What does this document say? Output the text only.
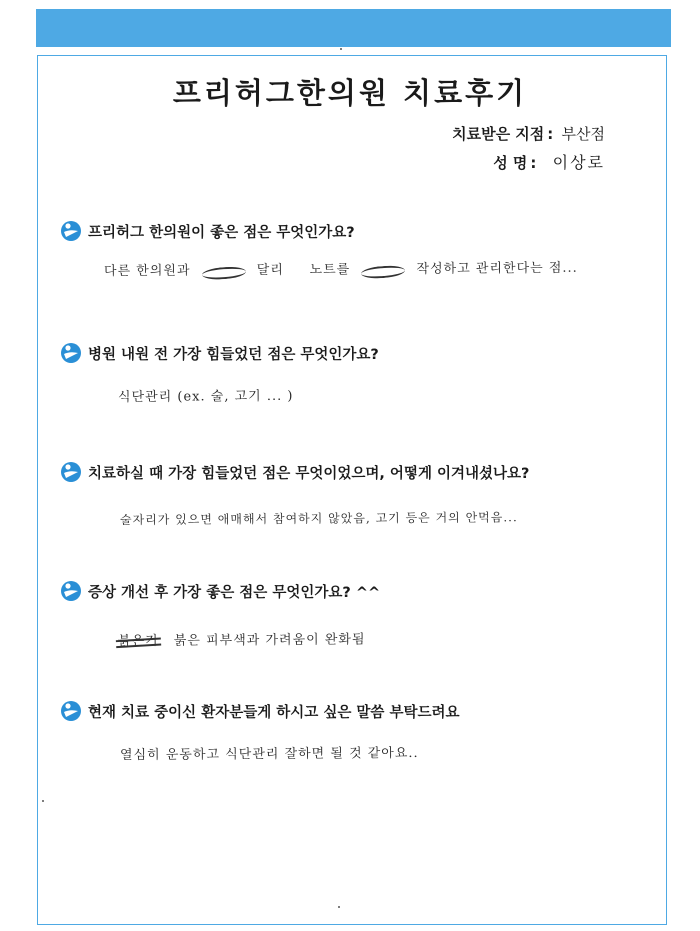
프리허그한의원 치료후기
치료받은 지점 : 부산점
성 명 : 이상로
프리허그 한의원이 좋은 점은 무엇인가요?
다른 한의원과	달리 노트를	작성하고 관리한다는 점...
병원 내원 전 가장 힘들었던 점은 무엇인가요?
식단관리 (ex. 술, 고기 ... )
치료하실 때 가장 힘들었던 점은 무엇이었으며, 어떻게 이겨내셨나요?
술자리가 있으면 애매해서 참여하지 않았음, 고기 등은 거의 안먹음...
증상 개선 후 가장 좋은 점은 무엇인가요? ^^
붉은기 붉은 피부색과 가려움이 완화됨
현재 치료 중이신 환자분들게 하시고 싶은 말씀 부탁드려요
열심히 운동하고 식단관리 잘하면 될 것 같아요..
